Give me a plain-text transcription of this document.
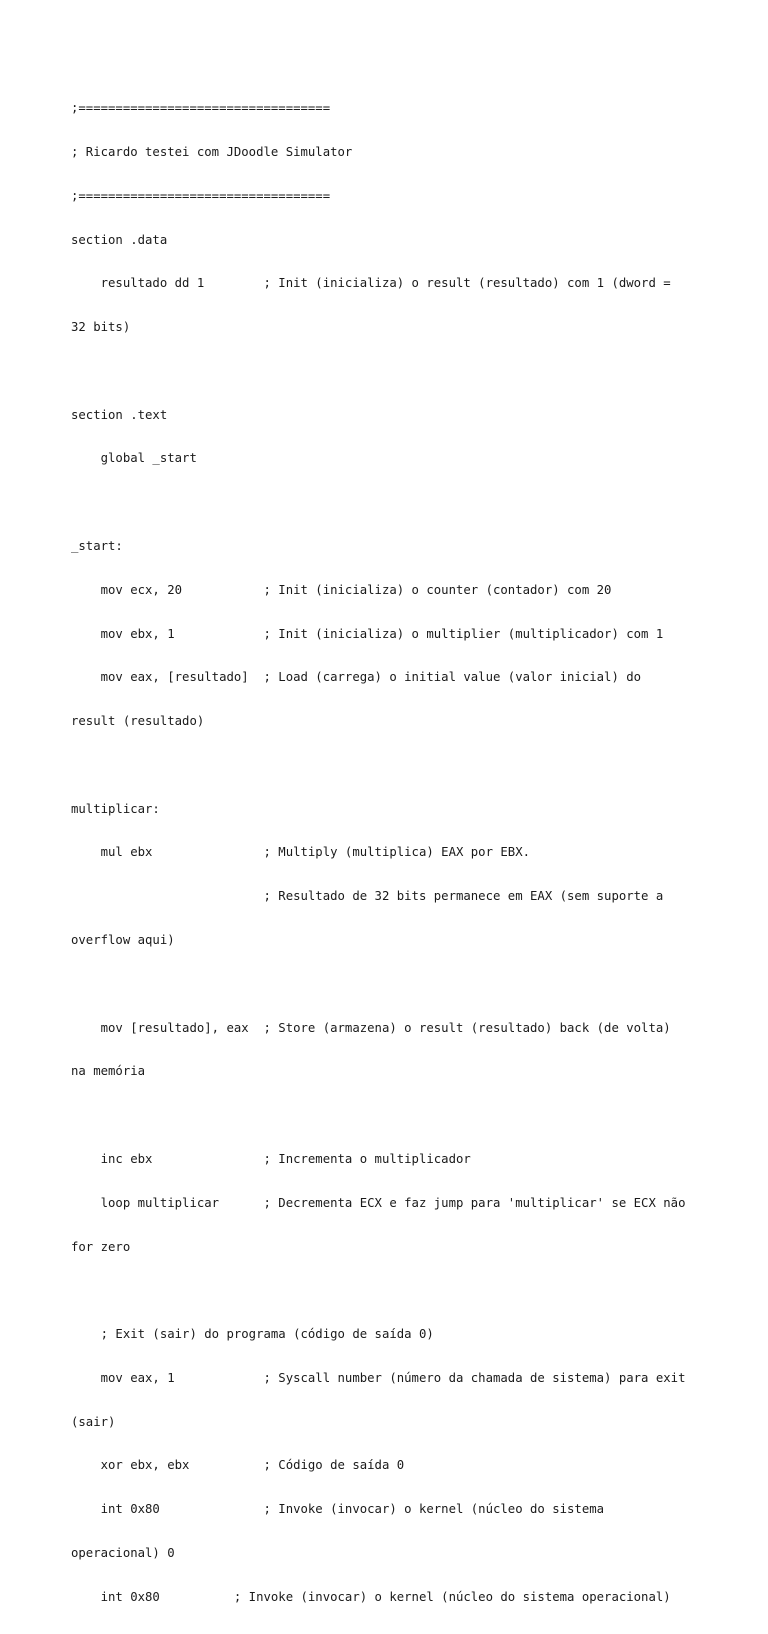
;==================================

; Ricardo testei com JDoodle Simulator

;==================================

section .data

resultado dd 1        ; Init (inicializa) o result (resultado) com 1 (dword =

32 bits)

section .text

global _start

_start:

mov ecx, 20           ; Init (inicializa) o counter (contador) com 20

mov ebx, 1            ; Init (inicializa) o multiplier (multiplicador) com 1

mov eax, [resultado]  ; Load (carrega) o initial value (valor inicial) do

result (resultado)

multiplicar:

mul ebx               ; Multiply (multiplica) EAX por EBX.

; Resultado de 32 bits permanece em EAX (sem suporte a

overflow aqui)

mov [resultado], eax  ; Store (armazena) o result (resultado) back (de volta)

na memória

inc ebx               ; Incrementa o multiplicador

loop multiplicar      ; Decrementa ECX e faz jump para 'multiplicar' se ECX não

for zero

; Exit (sair) do programa (código de saída 0)

mov eax, 1            ; Syscall number (número da chamada de sistema) para exit

(sair)

xor ebx, ebx          ; Código de saída 0

int 0x80              ; Invoke (invocar) o kernel (núcleo do sistema

operacional) 0

int 0x80          ; Invoke (invocar) o kernel (núcleo do sistema operacional)
